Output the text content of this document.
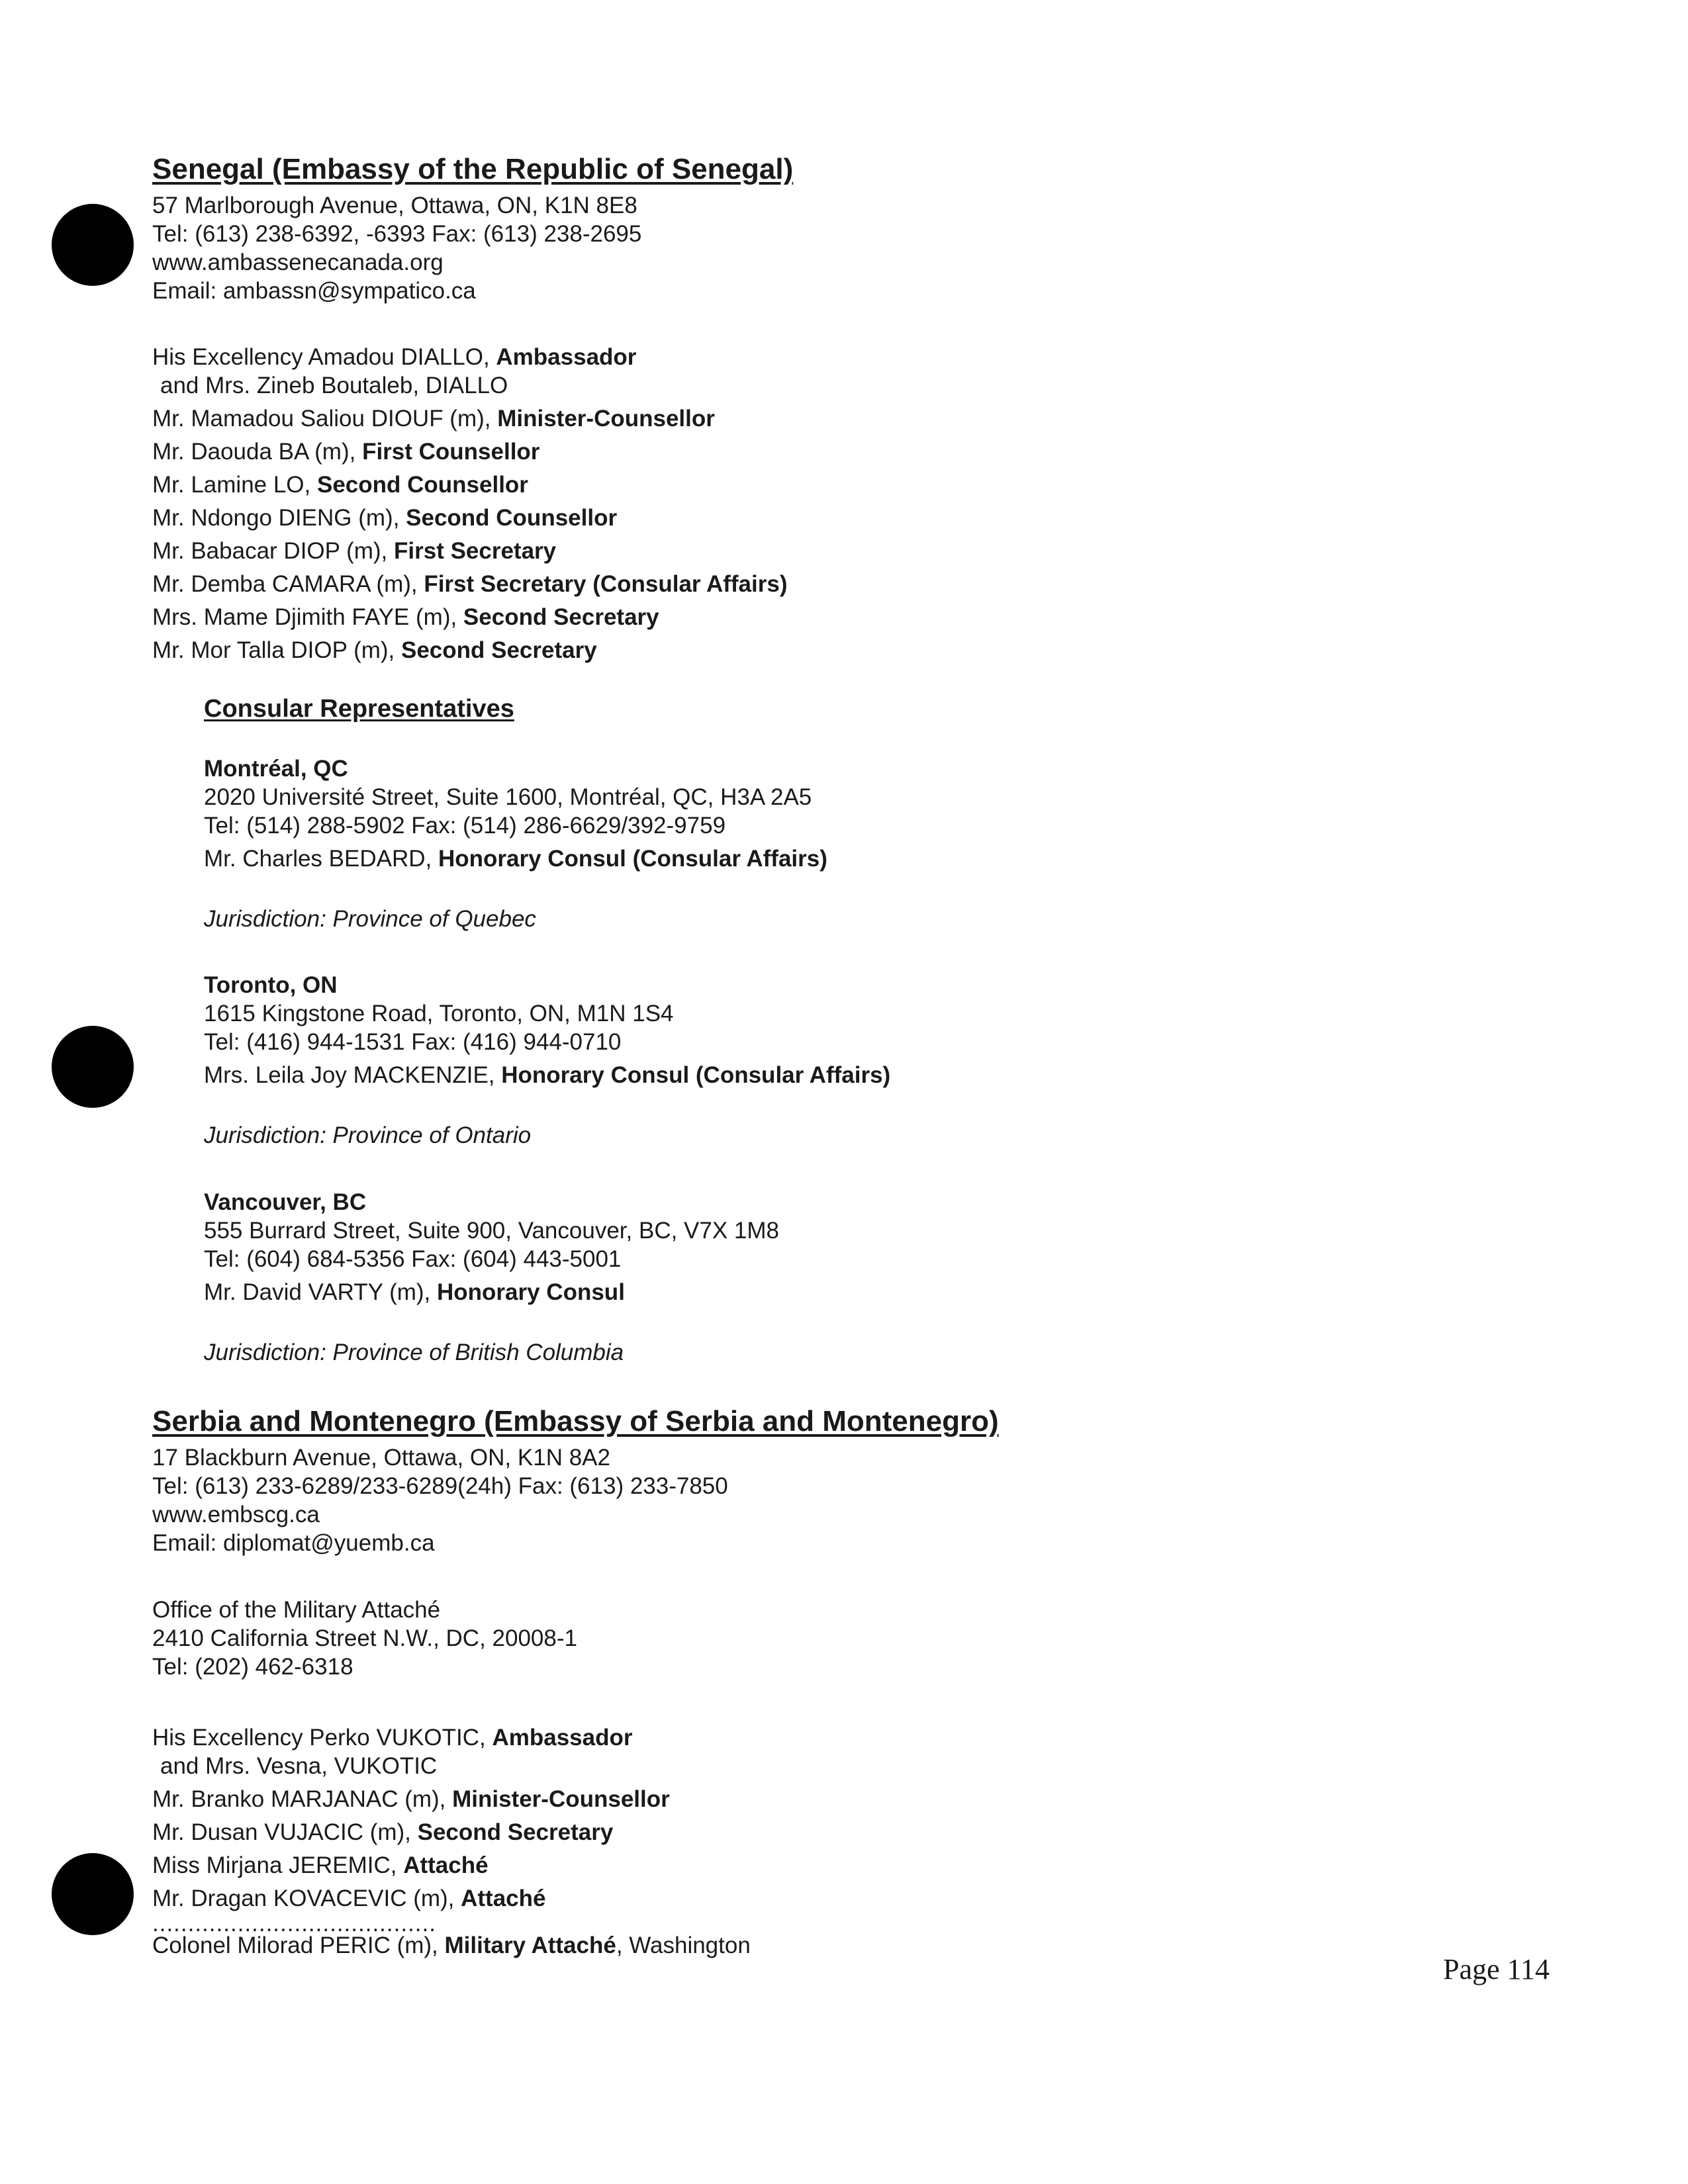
Senegal (Embassy of the Republic of Senegal)
57 Marlborough Avenue, Ottawa, ON, K1N 8E8
Tel: (613) 238-6392, -6393 Fax: (613) 238-2695
www.ambassenecanada.org
Email: ambassn@sympatico.ca
His Excellency Amadou DIALLO, Ambassador
and Mrs. Zineb Boutaleb, DIALLO
Mr. Mamadou Saliou DIOUF (m), Minister-Counsellor
Mr. Daouda BA (m), First Counsellor
Mr. Lamine LO, Second Counsellor
Mr. Ndongo DIENG (m), Second Counsellor
Mr. Babacar DIOP (m), First Secretary
Mr. Demba CAMARA (m), First Secretary (Consular Affairs)
Mrs. Mame Djimith FAYE (m), Second Secretary
Mr. Mor Talla DIOP (m), Second Secretary
Consular Representatives
Montréal, QC
2020 Université Street, Suite 1600, Montréal, QC, H3A 2A5
Tel: (514) 288-5902 Fax: (514) 286-6629/392-9759
Mr. Charles BEDARD, Honorary Consul (Consular Affairs)
Jurisdiction: Province of Quebec
Toronto, ON
1615 Kingstone Road, Toronto, ON, M1N 1S4
Tel: (416) 944-1531 Fax: (416) 944-0710
Mrs. Leila Joy MACKENZIE, Honorary Consul (Consular Affairs)
Jurisdiction: Province of Ontario
Vancouver, BC
555 Burrard Street, Suite 900, Vancouver, BC, V7X 1M8
Tel: (604) 684-5356 Fax: (604) 443-5001
Mr. David VARTY (m), Honorary Consul
Jurisdiction: Province of British Columbia
Serbia and Montenegro (Embassy of Serbia and Montenegro)
17 Blackburn Avenue, Ottawa, ON, K1N 8A2
Tel: (613) 233-6289/233-6289(24h) Fax: (613) 233-7850
www.embscg.ca
Email: diplomat@yuemb.ca
Office of the Military Attaché
2410 California Street N.W., DC, 20008-1
Tel: (202) 462-6318
His Excellency Perko VUKOTIC, Ambassador
and Mrs. Vesna, VUKOTIC
Mr. Branko MARJANAC (m), Minister-Counsellor
Mr. Dusan VUJACIC (m), Second Secretary
Miss Mirjana JEREMIC, Attaché
Mr. Dragan KOVACEVIC (m), Attaché
........................................
Colonel Milorad PERIC (m), Military Attaché, Washington
Page 114
